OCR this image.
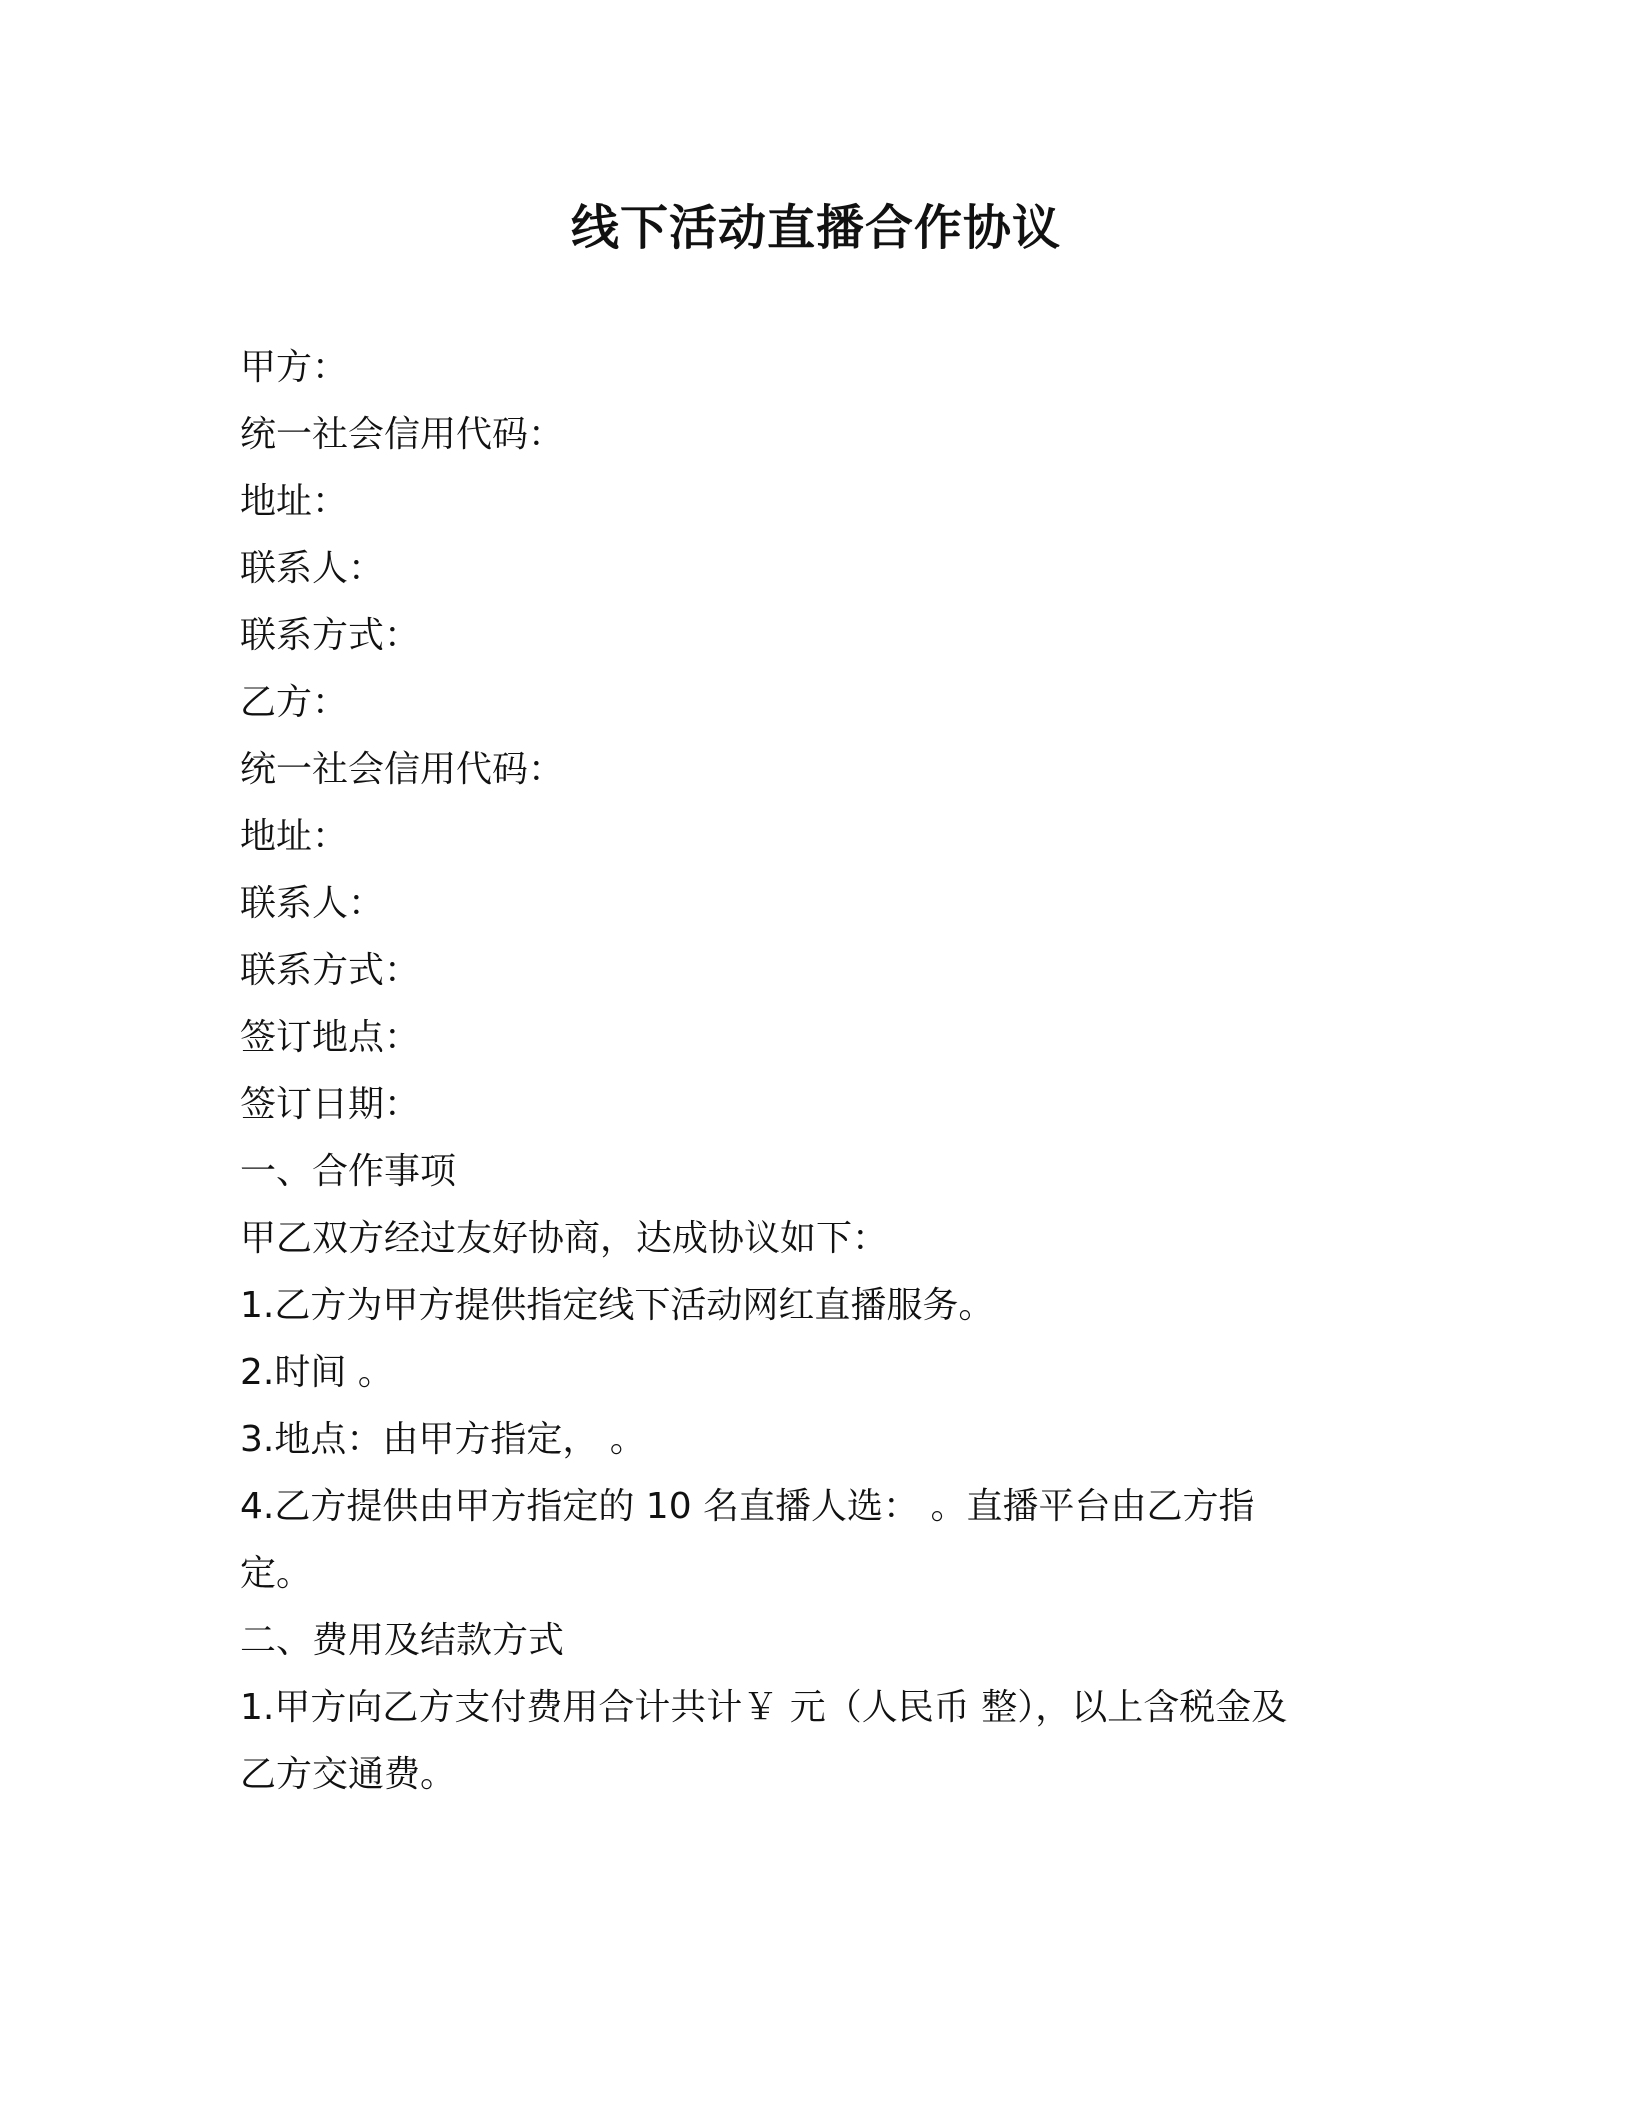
线下活动直播合作协议
甲方：
统一社会信用代码：
地址：
联系人：
联系方式：
乙方：
统一社会信用代码：
地址：
联系人：
联系方式：
签订地点：
签订日期：
一、合作事项
甲乙双方经过友好协商，达成协议如下：
1.乙方为甲方提供指定线下活动网红直播服务。
2.时间 。
3.地点：由甲方指定， 。
4.乙方提供由甲方指定的 10 名直播人选： 。直播平台由乙方指
定。
二、费用及结款方式
1.甲方向乙方支付费用合计共计￥ 元（人民币 整），以上含税金及
乙方交通费。
